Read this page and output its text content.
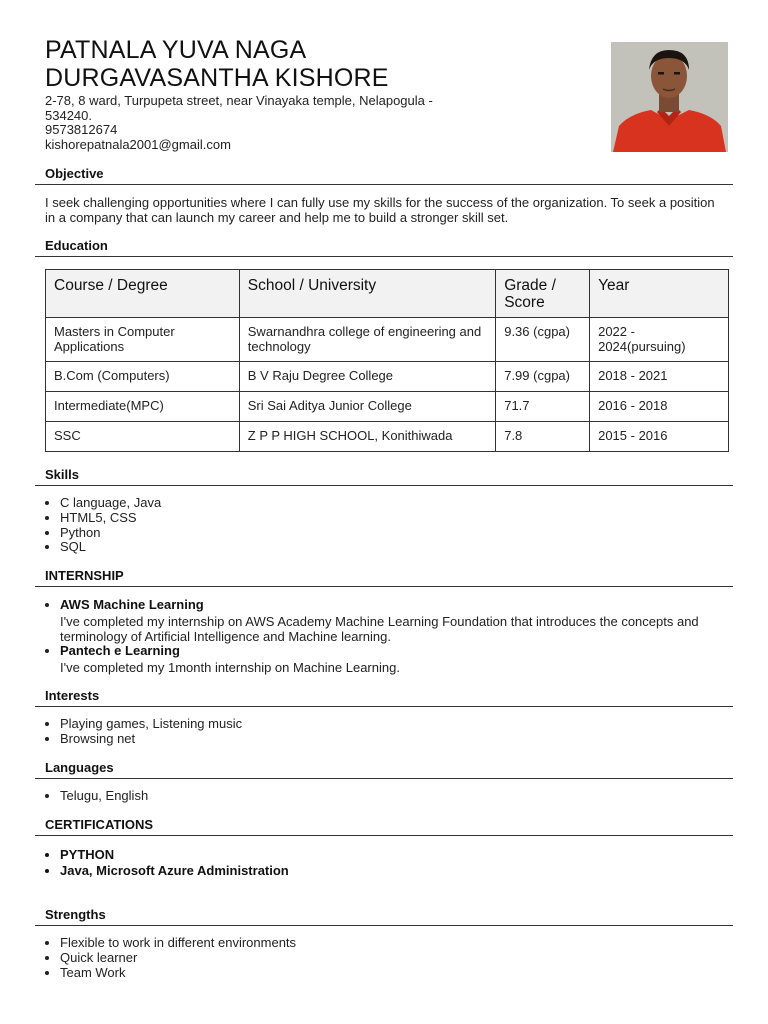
PATNALA YUVA NAGA
DURGAVASANTHA KISHORE
2-78, 8 ward, Turpupeta street, near Vinayaka temple, Nelapogula -
534240.
9573812674
kishorepatnala2001@gmail.com
Objective
I seek challenging opportunities where I can fully use my skills for the success of the organization. To seek a position in a company that can launch my career and help me to build a stronger skill set.
Education
Course / Degree	School / University	Grade / Score	Year
Masters in Computer Applications	Swarnandhra college of engineering and technology	9.36 (cgpa)	2022 - 2024(pursuing)
B.Com (Computers)	B V Raju Degree College	7.99 (cgpa)	2018 - 2021
Intermediate(MPC)	Sri Sai Aditya Junior College	71.7	2016 - 2018
SSC	Z P P HIGH SCHOOL, Konithiwada	7.8	2015 - 2016
Skills
• C language, Java
• HTML5, CSS
• Python
• SQL
INTERNSHIP
• AWS Machine Learning
I've completed my internship on AWS Academy Machine Learning Foundation that introduces the concepts and terminology of Artificial Intelligence and Machine learning.
• Pantech e Learning
I've completed my 1month internship on Machine Learning.
Interests
• Playing games, Listening music
• Browsing net
Languages
• Telugu, English
CERTIFICATIONS
• PYTHON
• Java, Microsoft Azure Administration
Strengths
• Flexible to work in different environments
• Quick learner
• Team Work
